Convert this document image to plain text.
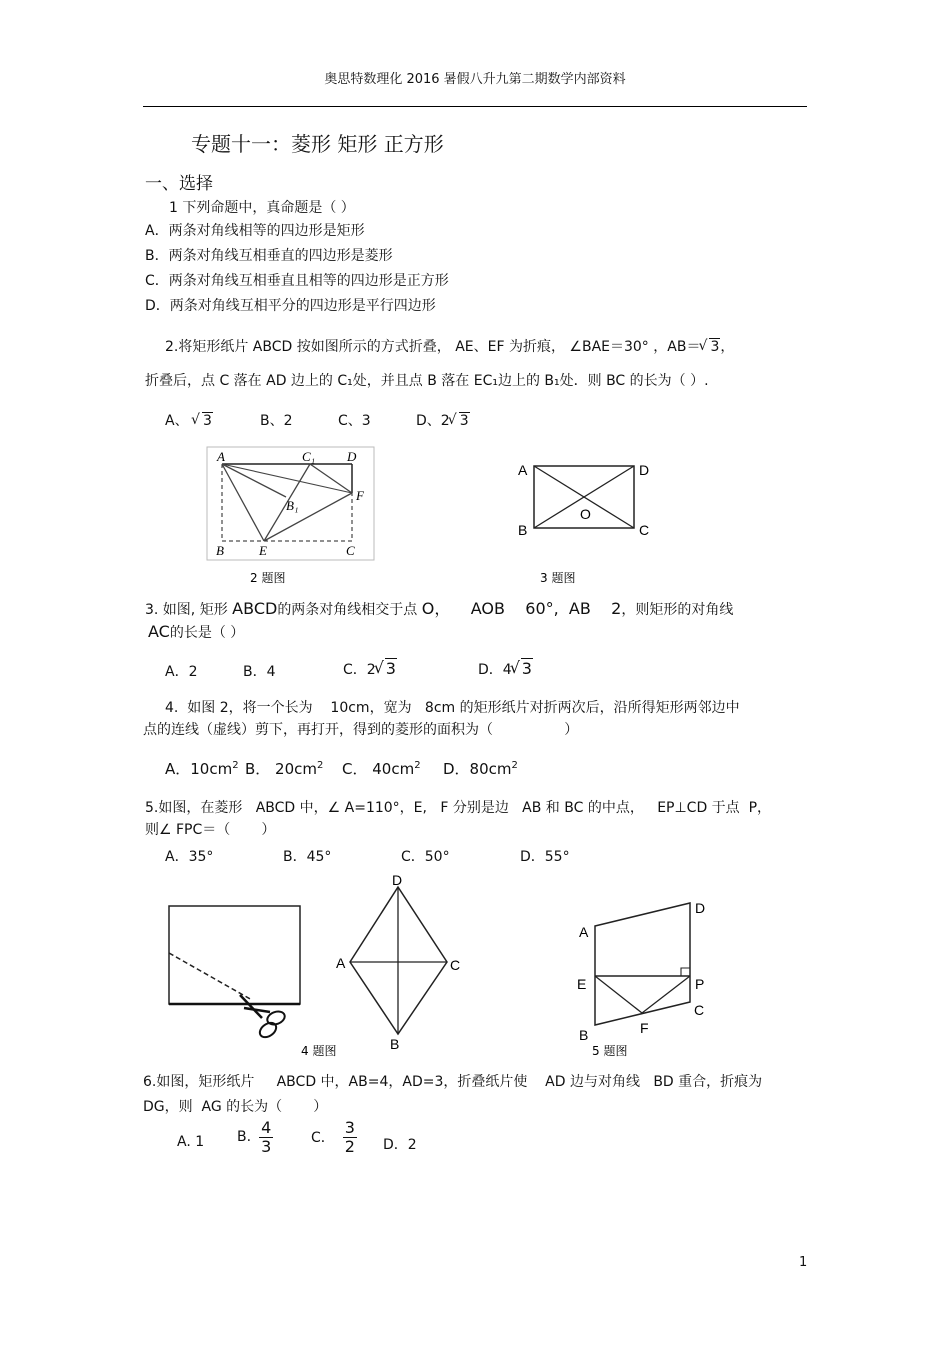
奥思特数理化 2016 暑假八升九第二期数学内部资料
专题十一：菱形 矩形 正方形
一、选择
1 下列命题中，真命题是（ ）
A．两条对角线相等的四边形是矩形
B．两条对角线互相垂直的四边形是菱形
C．两条对角线互相垂直且相等的四边形是正方形
D．两条对角线互相平分的四边形是平行四边形
2.将矩形纸片 ABCD 按如图所示的方式折叠， AE、EF 为折痕， ∠BAE＝30° ，AB＝ √ 3，
折叠后，点 C 落在 AD 边上的 C₁处，并且点 B 落在 EC₁边上的 B₁处．则 BC 的长为（ ）.
A、 √ 3	B、2	C、3	D、2 √ 3
A	C₁ D
B₁
F
B	E	C
2 题图
A	D
O
B	C
3 题图
3. 如图, 矩形 ABCD的两条对角线相交于点 O，    AOB    60°,  AB    2，则矩形的对角线
AC的长是（ ）
A．2	B．4	C．2 √ 3	D．4 √ 3
4.  如图 2，将一个长为    10cm，宽为   8cm 的矩形纸片对折两次后，沿所得矩形两邻边中
点的连线（虚线）剪下，再打开，得到的菱形的面积为（                ）
A．$10cm^2$ B． $20cm^2$ C． $40cm^2$ D．$80cm^2$
5.如图，在菱形   ABCD 中，∠ A=110°，E,   F 分别是边   AB 和 BC 的中点，   EP⊥CD 于点  P，
则∠ FPC＝（       ）
A．35°	B．45°	C．50°	D．55°
4 题图
D
A	C
B
D
A
E	P
C
B	F
5 题图
6.如图，矩形纸片     ABCD 中，AB=4，AD=3，折叠纸片使    AD 边与对角线   BD 重合，折痕为
DG，则  AG 的长为（       ）
A. 1 B. $\frac{4}{3}$	C． $\frac{3}{2}$ D．2
1
